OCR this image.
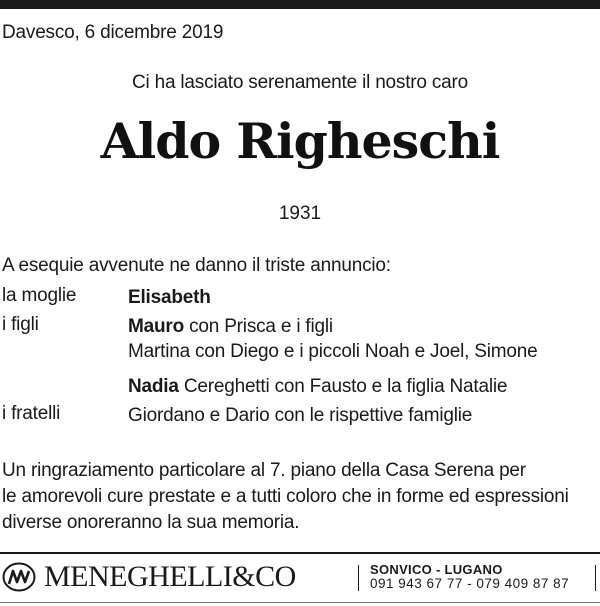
Davesco, 6 dicembre 2019
Ci ha lasciato serenamente il nostro caro
Aldo Righeschi
1931
A esequie avvenute ne danno il triste annuncio:
la moglie	Elisabeth
i figli	Mauro con Prisca e i figli
Martina con Diego e i piccoli Noah e Joel, Simone
Nadia Cereghetti con Fausto e la figlia Natalie
i fratelli	Giordano e Dario con le rispettive famiglie
Un ringraziamento particolare al 7. piano della Casa Serena per
le amorevoli cure prestate e a tutti coloro che in forme ed espressioni
diverse onoreranno la sua memoria.
MENEGHELLI&CO	SONVICO - LUGANO
091 943 67 77 - 079 409 87 87
